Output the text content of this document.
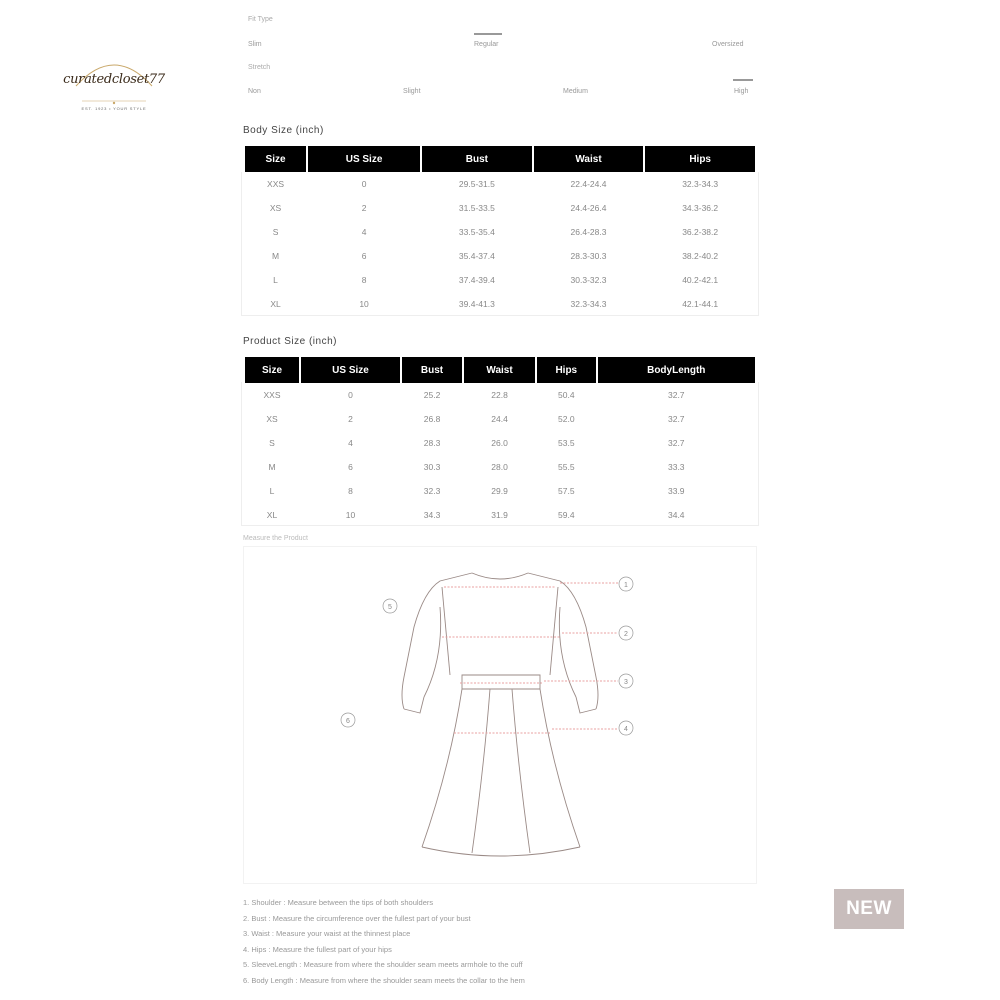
curatedcloset77
EST. 1923 • YOUR STYLE
Fit Type
Slim	Regular	Oversized
Stretch
Non	Slight	Medium	High
Body Size (inch)
Size	US Size	Bust	Waist	Hips
XXS	0	29.5-31.5	22.4-24.4	32.3-34.3
XS	2	31.5-33.5	24.4-26.4	34.3-36.2
S	4	33.5-35.4	26.4-28.3	36.2-38.2
M	6	35.4-37.4	28.3-30.3	38.2-40.2
L	8	37.4-39.4	30.3-32.3	40.2-42.1
XL	10	39.4-41.3	32.3-34.3	42.1-44.1
Product Size (inch)
Size	US Size	Bust	Waist	Hips	BodyLength
XXS	0	25.2	22.8	50.4	32.7
XS	2	26.8	24.4	52.0	32.7
S	4	28.3	26.0	53.5	32.7
M	6	30.3	28.0	55.5	33.3
L	8	32.3	29.9	57.5	33.9
XL	10	34.3	31.9	59.4	34.4
Measure the Product
1
2
3
4
5
6
1. Shoulder : Measure between the tips of both shoulders
2. Bust : Measure the circumference over the fullest part of your bust
3. Waist : Measure your waist at the thinnest place
4. Hips : Measure the fullest part of your hips
5. SleeveLength : Measure from where the shoulder seam meets armhole to the cuff
6. Body Length : Measure from where the shoulder seam meets the collar to the hem
NEW
